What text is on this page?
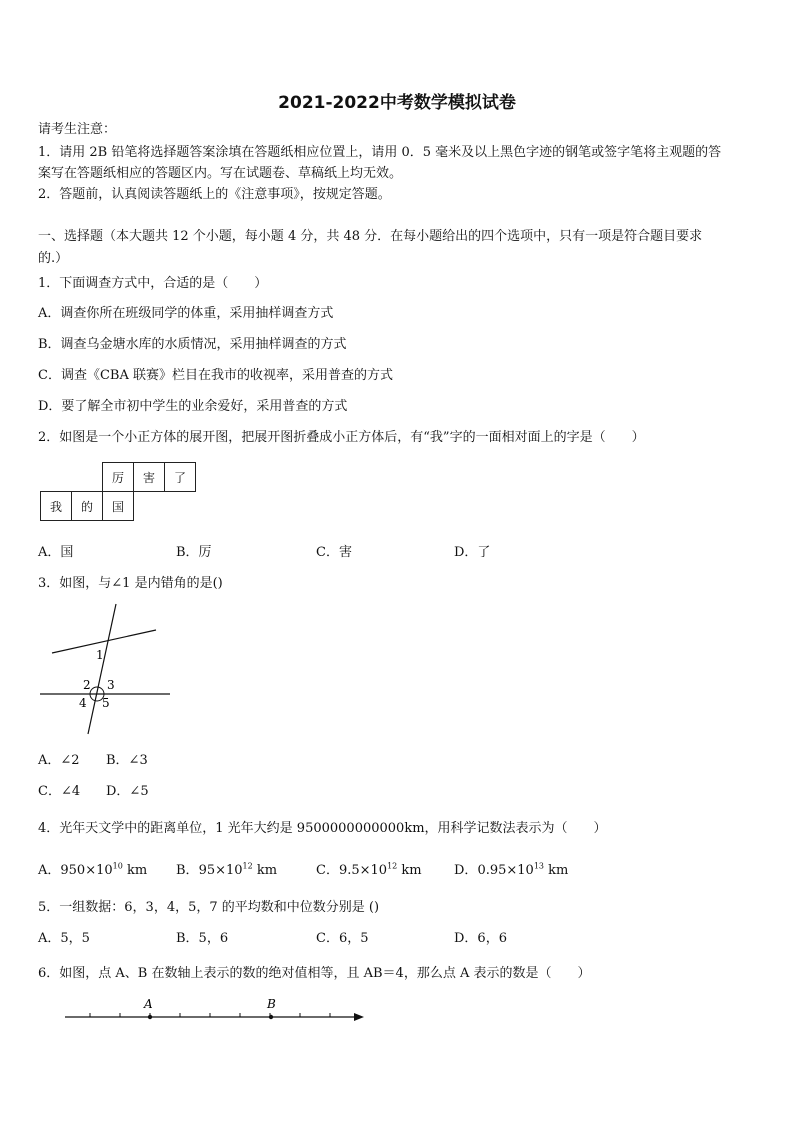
2021-2022中考数学模拟试卷
请考生注意：
1．请用 2B 铅笔将选择题答案涂填在答题纸相应位置上，请用 0．5 毫米及以上黑色字迹的钢笔或签字笔将主观题的答
案写在答题纸相应的答题区内。写在试题卷、草稿纸上均无效。
2．答题前，认真阅读答题纸上的《注意事项》，按规定答题。
一、选择题（本大题共 12 个小题，每小题 4 分，共 48 分．在每小题给出的四个选项中，只有一项是符合题目要求
的.）
1．下面调查方式中，合适的是（　　）
A．调查你所在班级同学的体重，采用抽样调查方式
B．调查乌金塘水库的水质情况，采用抽样调查的方式
C．调查《CBA 联赛》栏目在我市的收视率，采用普查的方式
D．要了解全市初中学生的业余爱好，采用普查的方式
2．如图是一个小正方体的展开图，把展开图折叠成小正方体后，有“我”字的一面相对面上的字是（　　）
		厉	害	了
我	的	国		
A．国	B．厉	C．害	D．了
3．如图，与∠1 是内错角的是()
1
2 3
4 5
A．∠2 B．∠3
C．∠4 D．∠5
4．光年天文学中的距离单位，1 光年大约是 9500000000000km，用科学记数法表示为（　　）
A．$950\times 10^{10}$ km B．$95\times 10^{12}$ km	C．$9.5\times 10^{12}$ km D．$0.95\times 10^{13}$ km
5．一组数据：6，3，4，5，7 的平均数和中位数分别是 ()
A．5，5	B．5，6	C．6，5	D．6，6
6．如图，点 A、B 在数轴上表示的数的绝对值相等，且 AB＝4，那么点 A 表示的数是（　　）
A	B
